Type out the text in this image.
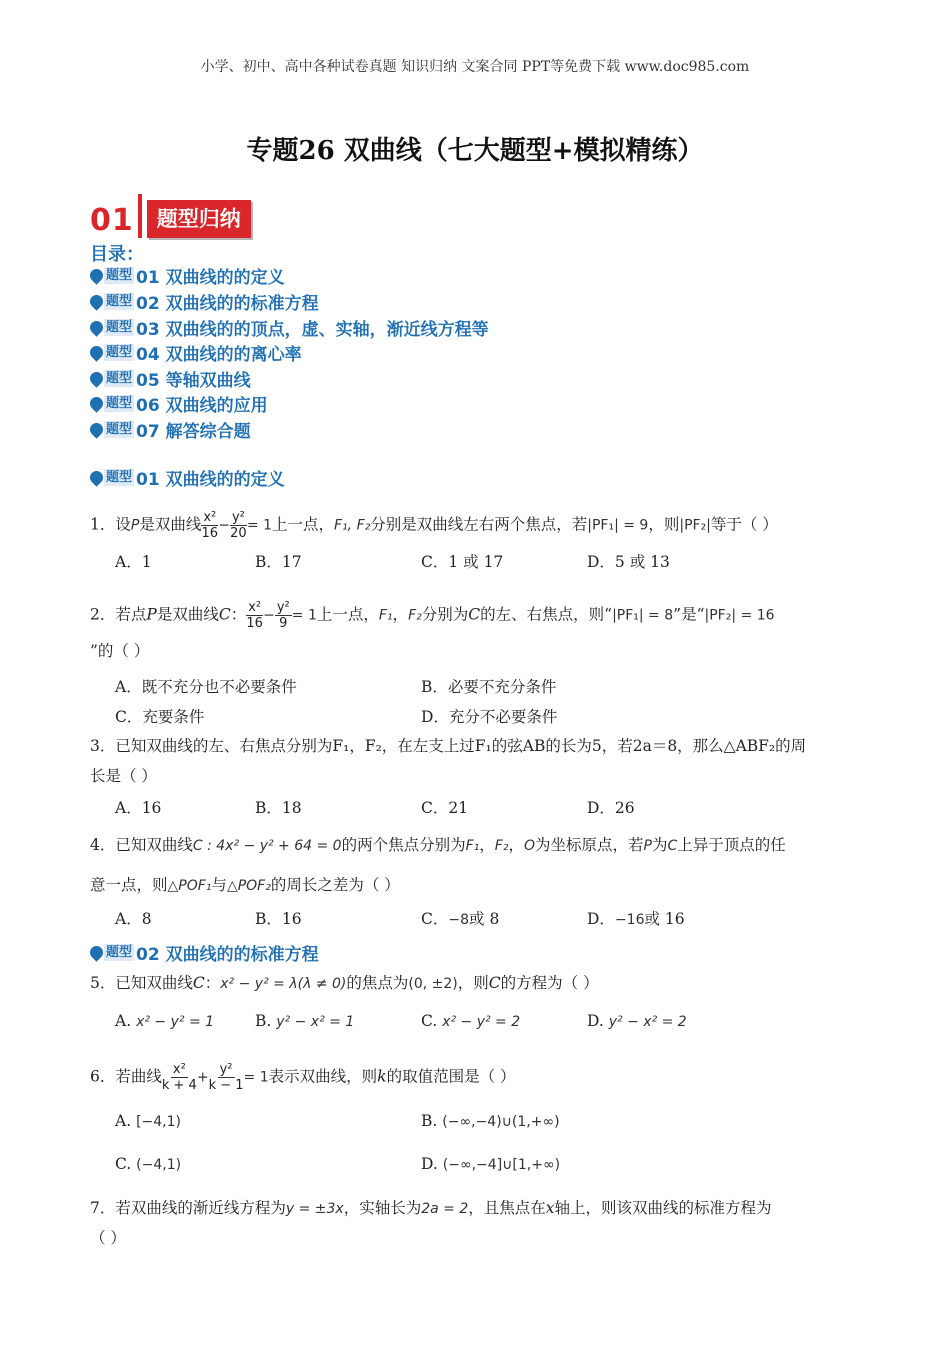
小学、初中、高中各种试卷真题 知识归纳 文案合同 PPT等免费下载 www.doc985.com
专题26 双曲线（七大题型+模拟精练）
01	题型归纳
目录：
题型 01 双曲线的的定义
题型 02 双曲线的的标准方程
题型 03 双曲线的的顶点，虚、实轴，渐近线方程等
题型 04 双曲线的的离心率
题型 05 等轴双曲线
题型 06 双曲线的应用
题型 07 解答综合题
题型 01 双曲线的的定义
1．设P是双曲线 $\frac{\text{x²}}{16} - \frac{\text{y²}}{20} = 1$上一点，F₁, F₂分别是双曲线左右两个焦点，若|PF₁| = 9，则|PF₂|等于（ ）
A．1	B．17	C．1 或 17	D．5 或 13
2．若点P是双曲线C： $\frac{\text{x²}}{16} - \frac{\text{y²}}{9} = 1$上一点，F₁，F₂分别为C的左、右焦点，则“|PF₁| = 8”是“|PF₂| = 16
”的（ ）
A．既不充分也不必要条件	B．必要不充分条件
C．充要条件	D．充分不必要条件
3．已知双曲线的左、右焦点分别为F₁，F₂，在左支上过F₁的弦AB的长为5，若2a＝8，那么△ABF₂的周
长是（ ）
A．16	B．18	C．21	D．26
4．已知双曲线C : 4x² − y² + 64 = 0的两个焦点分别为F₁，F₂，O为坐标原点，若P为C上异于顶点的任
意一点，则△POF₁与△POF₂的周长之差为（ ）
A．8	B．16	C．−8或 8	D．−16或 16
题型 02 双曲线的的标准方程
5．已知双曲线C：x² − y² = λ(λ ≠ 0)的焦点为(0, ±2)，则C的方程为（ ）
A. x² − y² = 1	B. y² − x² = 1	C. x² − y² = 2	D. y² − x² = 2
6．若曲线 $\frac{\text{x²}}{k + 4} + \frac{\text{y²}}{k - 1} = 1$表示双曲线，则k的取值范围是（ ）
A. [−4,1)	B. (−∞,−4)∪(1,+∞)
C. (−4,1)	D. (−∞,−4]∪[1,+∞)
7．若双曲线的渐近线方程为y = ±3x，实轴长为2a = 2，且焦点在x轴上，则该双曲线的标准方程为
（ ）
